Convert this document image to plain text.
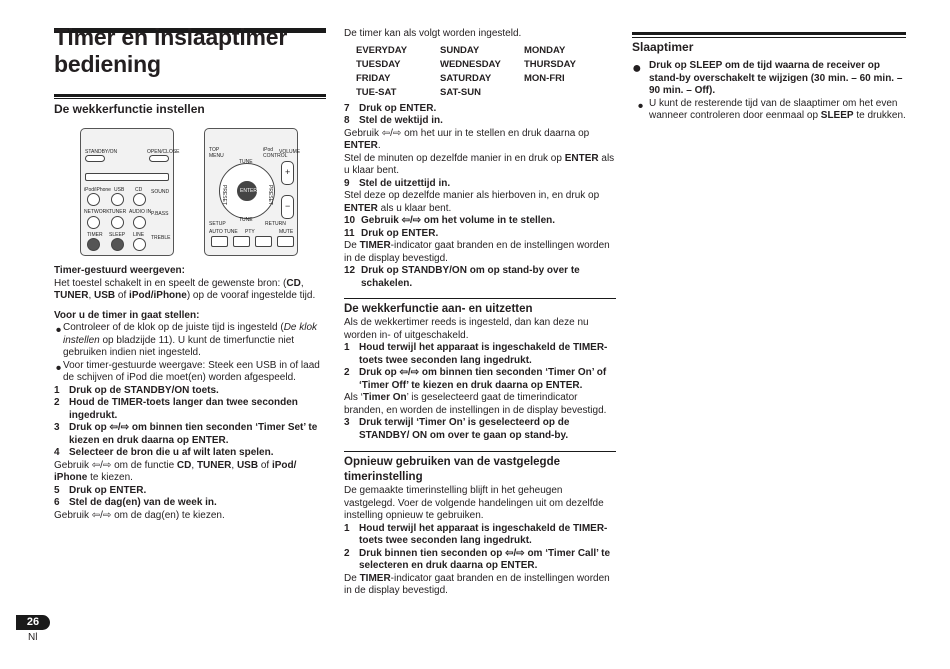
Timer en inslaaptimer bediening
De wekkerfunctie instellen
STANDBY/ON	OPEN/CLOSE
iPod/iPhone USB CD SOUND
NETWORK TUNER AUDIO IN P.BASS
TIMER SLEEP LINE TREBLE
TOP MENU
iPod CONTROL
VOLUME
+
−
TUNE
PRESET	PRESET
ENTER
TUNE
SETUP	RETURN
AUTO TUNE PTY	MUTE

Timer-gestuurd weergeven:

Het toestel schakelt in en speelt de gewenste bron: (CD, TUNER, USB of iPod/iPhone) op de vooraf ingestelde tijd.

Voor u de timer in gaat stellen:

• Controleer of de klok op de juiste tijd is ingesteld (De klok instellen op bladzijde 11). U kunt de timerfunctie niet gebruiken indien niet ingesteld.

• Voor timer-gestuurde weergave: Steek een USB in of laad de schijven of iPod die moet(en) worden afgespeeld.

1 Druk op de STANDBY/ON toets.
2 Houd de TIMER-toets langer dan twee seconden ingedrukt.
3 Druk op ⇦/⇨ om binnen tien seconden ‘Timer Set’ te kiezen en druk daarna op ENTER.
4 Selecteer de bron die u af wilt laten spelen.

Gebruik ⇦/⇨ om de functie CD, TUNER, USB of iPod/ iPhone te kiezen.

5 Druk op ENTER.
6 Stel de dag(en) van de week in.

Gebruik ⇦/⇨ om de dag(en) te kiezen.

De timer kan als volgt worden ingesteld.

EVERYDAY	SUNDAY	MONDAY
TUESDAY	WEDNESDAY	THURSDAY
FRIDAY	SATURDAY	MON-FRI
TUE-SAT	SAT-SUN	
7 Druk op ENTER.
8 Stel de wektijd in.

Gebruik ⇦/⇨ om het uur in te stellen en druk daarna op ENTER.

Stel de minuten op dezelfde manier in en druk op ENTER als u klaar bent.

9 Stel de uitzettijd in.

Stel deze op dezelfde manier als hierboven in, en druk op ENTER als u klaar bent.

10 Gebruik ⇦/⇨ om het volume in te stellen.
11 Druk op ENTER.

De TIMER-indicator gaat branden en de instellingen worden in de display bevestigd.

12 Druk op STANDBY/ON om op stand-by over te schakelen.
De wekkerfunctie aan- en uitzetten

Als de wekkertimer reeds is ingesteld, dan kan deze nu worden in- of uitgeschakeld.

1 Houd terwijl het apparaat is ingeschakeld de TIMER-toets twee seconden lang ingedrukt.
2 Druk op ⇦/⇨ om binnen tien seconden ‘Timer On’ of ‘Timer Off’ te kiezen en druk daarna op ENTER.

Als ‘Timer On’ is geselecteerd gaat de timerindicator branden, en worden de instellingen in de display bevestigd.

3 Druk terwijl ‘Timer On’ is geselecteerd op de STANDBY/ ON om over te gaan op stand-by.
Opnieuw gebruiken van de vastgelegde timerinstelling

De gemaakte timerinstelling blijft in het geheugen vastgelegd. Voer de volgende handelingen uit om dezelfde instelling opnieuw te gebruiken.

1 Houd terwijl het apparaat is ingeschakeld de TIMER-toets twee seconden lang ingedrukt.
2 Druk binnen tien seconden op ⇦/⇨ om ‘Timer Call’ te selecteren en druk daarna op ENTER.

De TIMER-indicator gaat branden en de instellingen worden in de display bevestigd.

Slaaptimer
● Druk op SLEEP om de tijd waarna de receiver op stand-by overschakelt te wijzigen (30 min. – 60 min. – 90 min. – Off).

• U kunt de resterende tijd van de slaaptimer om het even wanneer controleren door eenmaal op SLEEP te drukken.

26
Nl
